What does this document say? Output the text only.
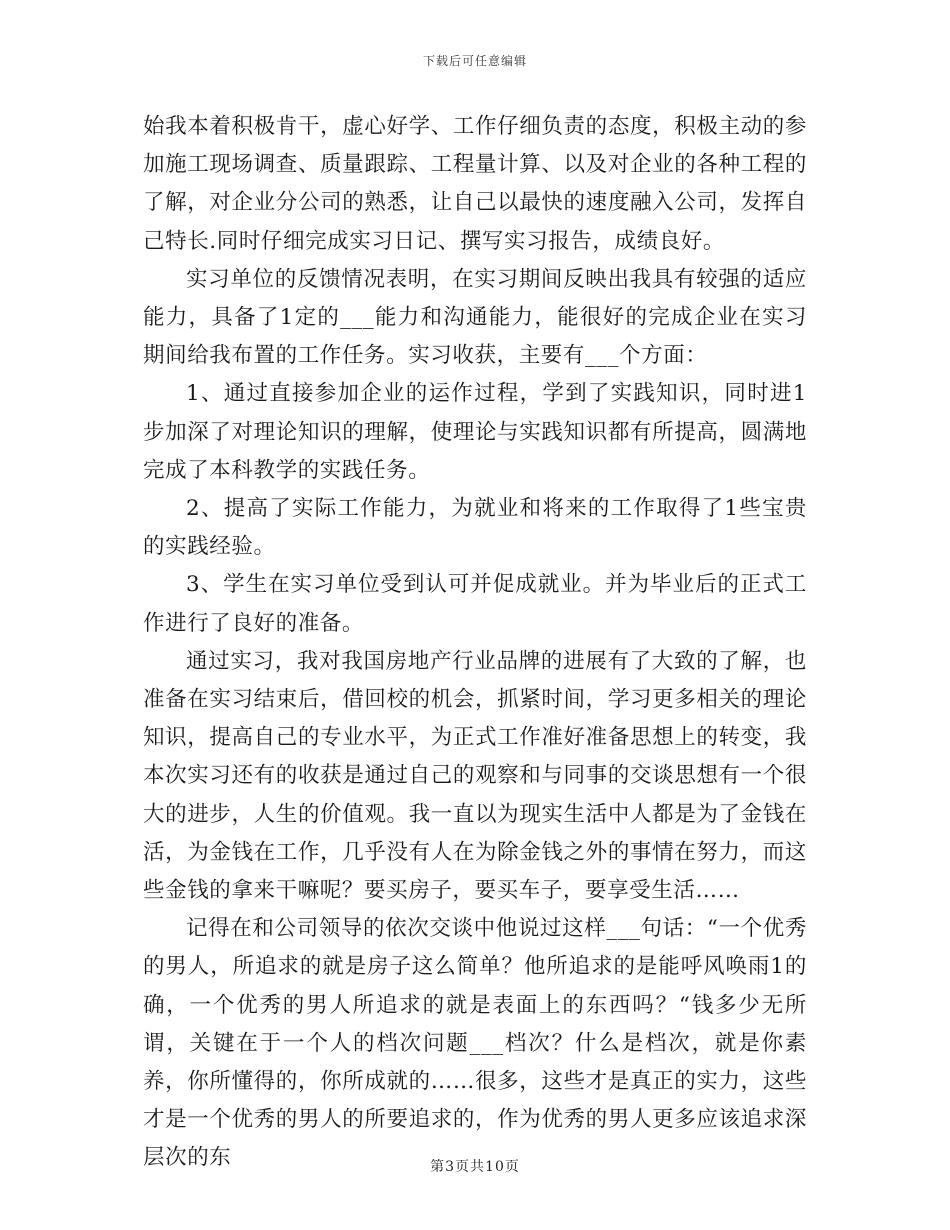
下载后可任意编辑

始我本着积极肯干，虚心好学、工作仔细负责的态度，积极主动的参加施工现场调查、质量跟踪、工程量计算、以及对企业的各种工程的了解，对企业分公司的熟悉，让自己以最快的速度融入公司，发挥自己特长.同时仔细完成实习日记、撰写实习报告，成绩良好。

实习单位的反馈情况表明，在实习期间反映出我具有较强的适应能力，具备了1定的___能力和沟通能力，能很好的完成企业在实习期间给我布置的工作任务。实习收获，主要有___个方面：

1、通过直接参加企业的运作过程，学到了实践知识，同时进1步加深了对理论知识的理解，使理论与实践知识都有所提高，圆满地完成了本科教学的实践任务。

2、提高了实际工作能力，为就业和将来的工作取得了1些宝贵的实践经验。

3、学生在实习单位受到认可并促成就业。并为毕业后的正式工作进行了良好的准备。

通过实习，我对我国房地产行业品牌的进展有了大致的了解，也准备在实习结束后，借回校的机会，抓紧时间，学习更多相关的理论知识，提高自己的专业水平，为正式工作准好准备思想上的转变，我本次实习还有的收获是通过自己的观察和与同事的交谈思想有一个很大的进步，人生的价值观。我一直以为现实生活中人都是为了金钱在活，为金钱在工作，几乎没有人在为除金钱之外的事情在努力，而这些金钱的拿来干嘛呢？要买房子，要买车子，要享受生活……

记得在和公司领导的依次交谈中他说过这样___句话：“一个优秀的男人，所追求的就是房子这么简单？他所追求的是能呼风唤雨1的确，一个优秀的男人所追求的就是表面上的东西吗？“钱多少无所谓，关键在于一个人的档次问题___档次？什么是档次，就是你素养，你所懂得的，你所成就的……很多，这些才是真正的实力，这些才是一个优秀的男人的所要追求的，作为优秀的男人更多应该追求深层次的东	第3页共10页
